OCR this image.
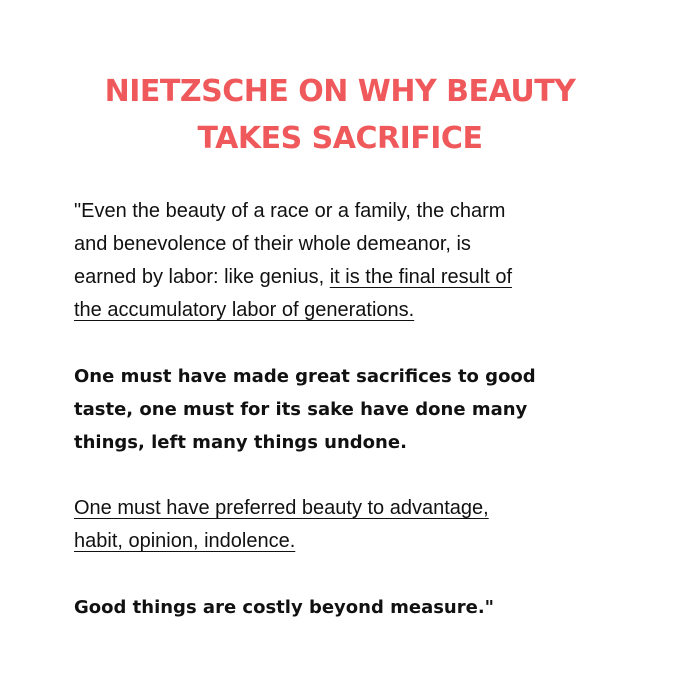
NIETZSCHE ON WHY BEAUTY
TAKES SACRIFICE

"Even the beauty of a race or a family, the charm
and benevolence of their whole demeanor, is
earned by labor: like genius, it is the final result of
the accumulatory labor of generations.

One must have made great sacrifices to good
taste, one must for its sake have done many
things, left many things undone.

One must have preferred beauty to advantage,
habit, opinion, indolence.

Good things are costly beyond measure."
